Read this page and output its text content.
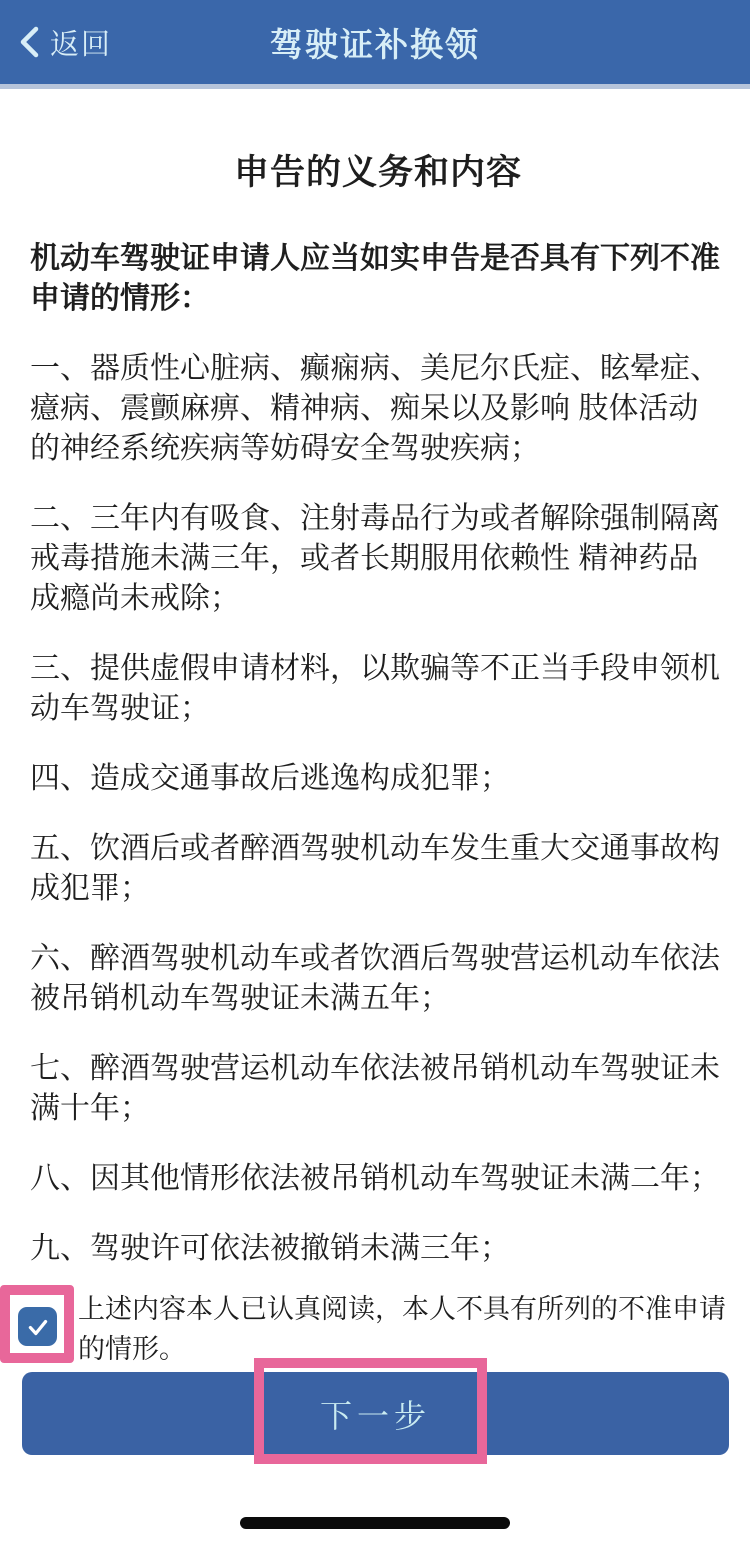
返回	驾驶证补换领
申告的义务和内容

机动车驾驶证申请人应当如实申告是否具有下列不准申请的情形：

一、器质性心脏病、癫痫病、美尼尔氏症、眩晕症、癔病、震颤麻痹、精神病、痴呆以及影响 肢体活动的神经系统疾病等妨碍安全驾驶疾病；

二、三年内有吸食、注射毒品行为或者解除强制隔离戒毒措施未满三年，或者长期服用依赖性 精神药品成瘾尚未戒除；

三、提供虚假申请材料，以欺骗等不正当手段申领机动车驾驶证；

四、造成交通事故后逃逸构成犯罪；

五、饮酒后或者醉酒驾驶机动车发生重大交通事故构成犯罪；

六、醉酒驾驶机动车或者饮酒后驾驶营运机动车依法被吊销机动车驾驶证未满五年；

七、醉酒驾驶营运机动车依法被吊销机动车驾驶证未满十年；

八、因其他情形依法被吊销机动车驾驶证未满二年；

九、驾驶许可依法被撤销未满三年；

上述内容本人已认真阅读，本人不具有所列的不准申请的情形。
下一步
